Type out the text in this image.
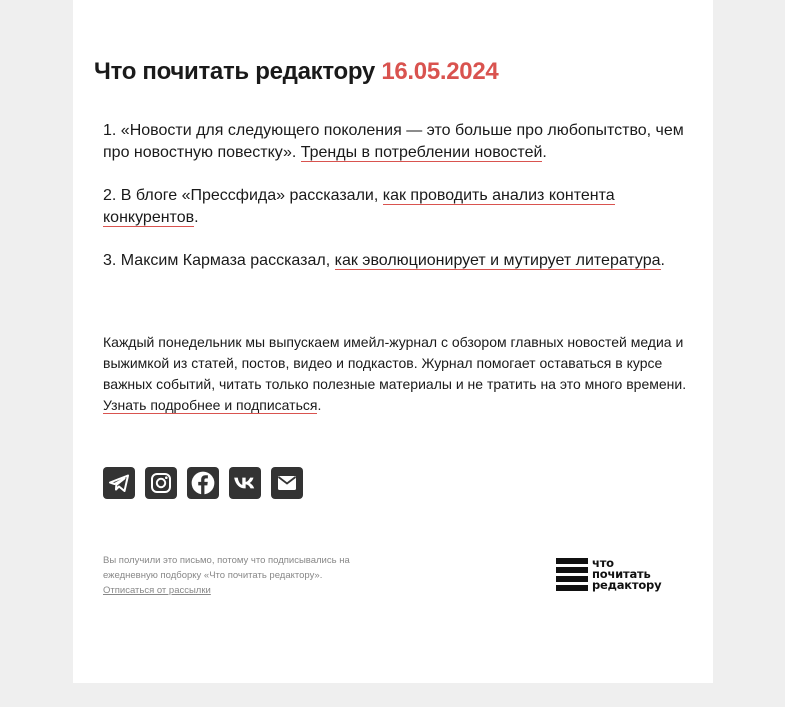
Что почитать редактору 16.05.2024

1. «Новости для следующего поколения — это больше про любопытство, чем про новостную повестку». Тренды в потреблении новостей.

2. В блоге «Прессфида» рассказали, как проводить анализ контента конкурентов.

3. Максим Кармаза рассказал, как эволюционирует и мутирует литература.

Каждый понедельник мы выпускаем имейл-журнал с обзором главных новостей медиа и выжимкой из статей, постов, видео и подкастов. Журнал помогает оставаться в курсе важных событий, читать только полезные материалы и не тратить на это много времени. Узнать подробнее и подписаться.

Вы получили это письмо, потому что подписывались на ежедневную подборку «Что почитать редактору».
Отписаться от рассылки

что
почитать
редактору
